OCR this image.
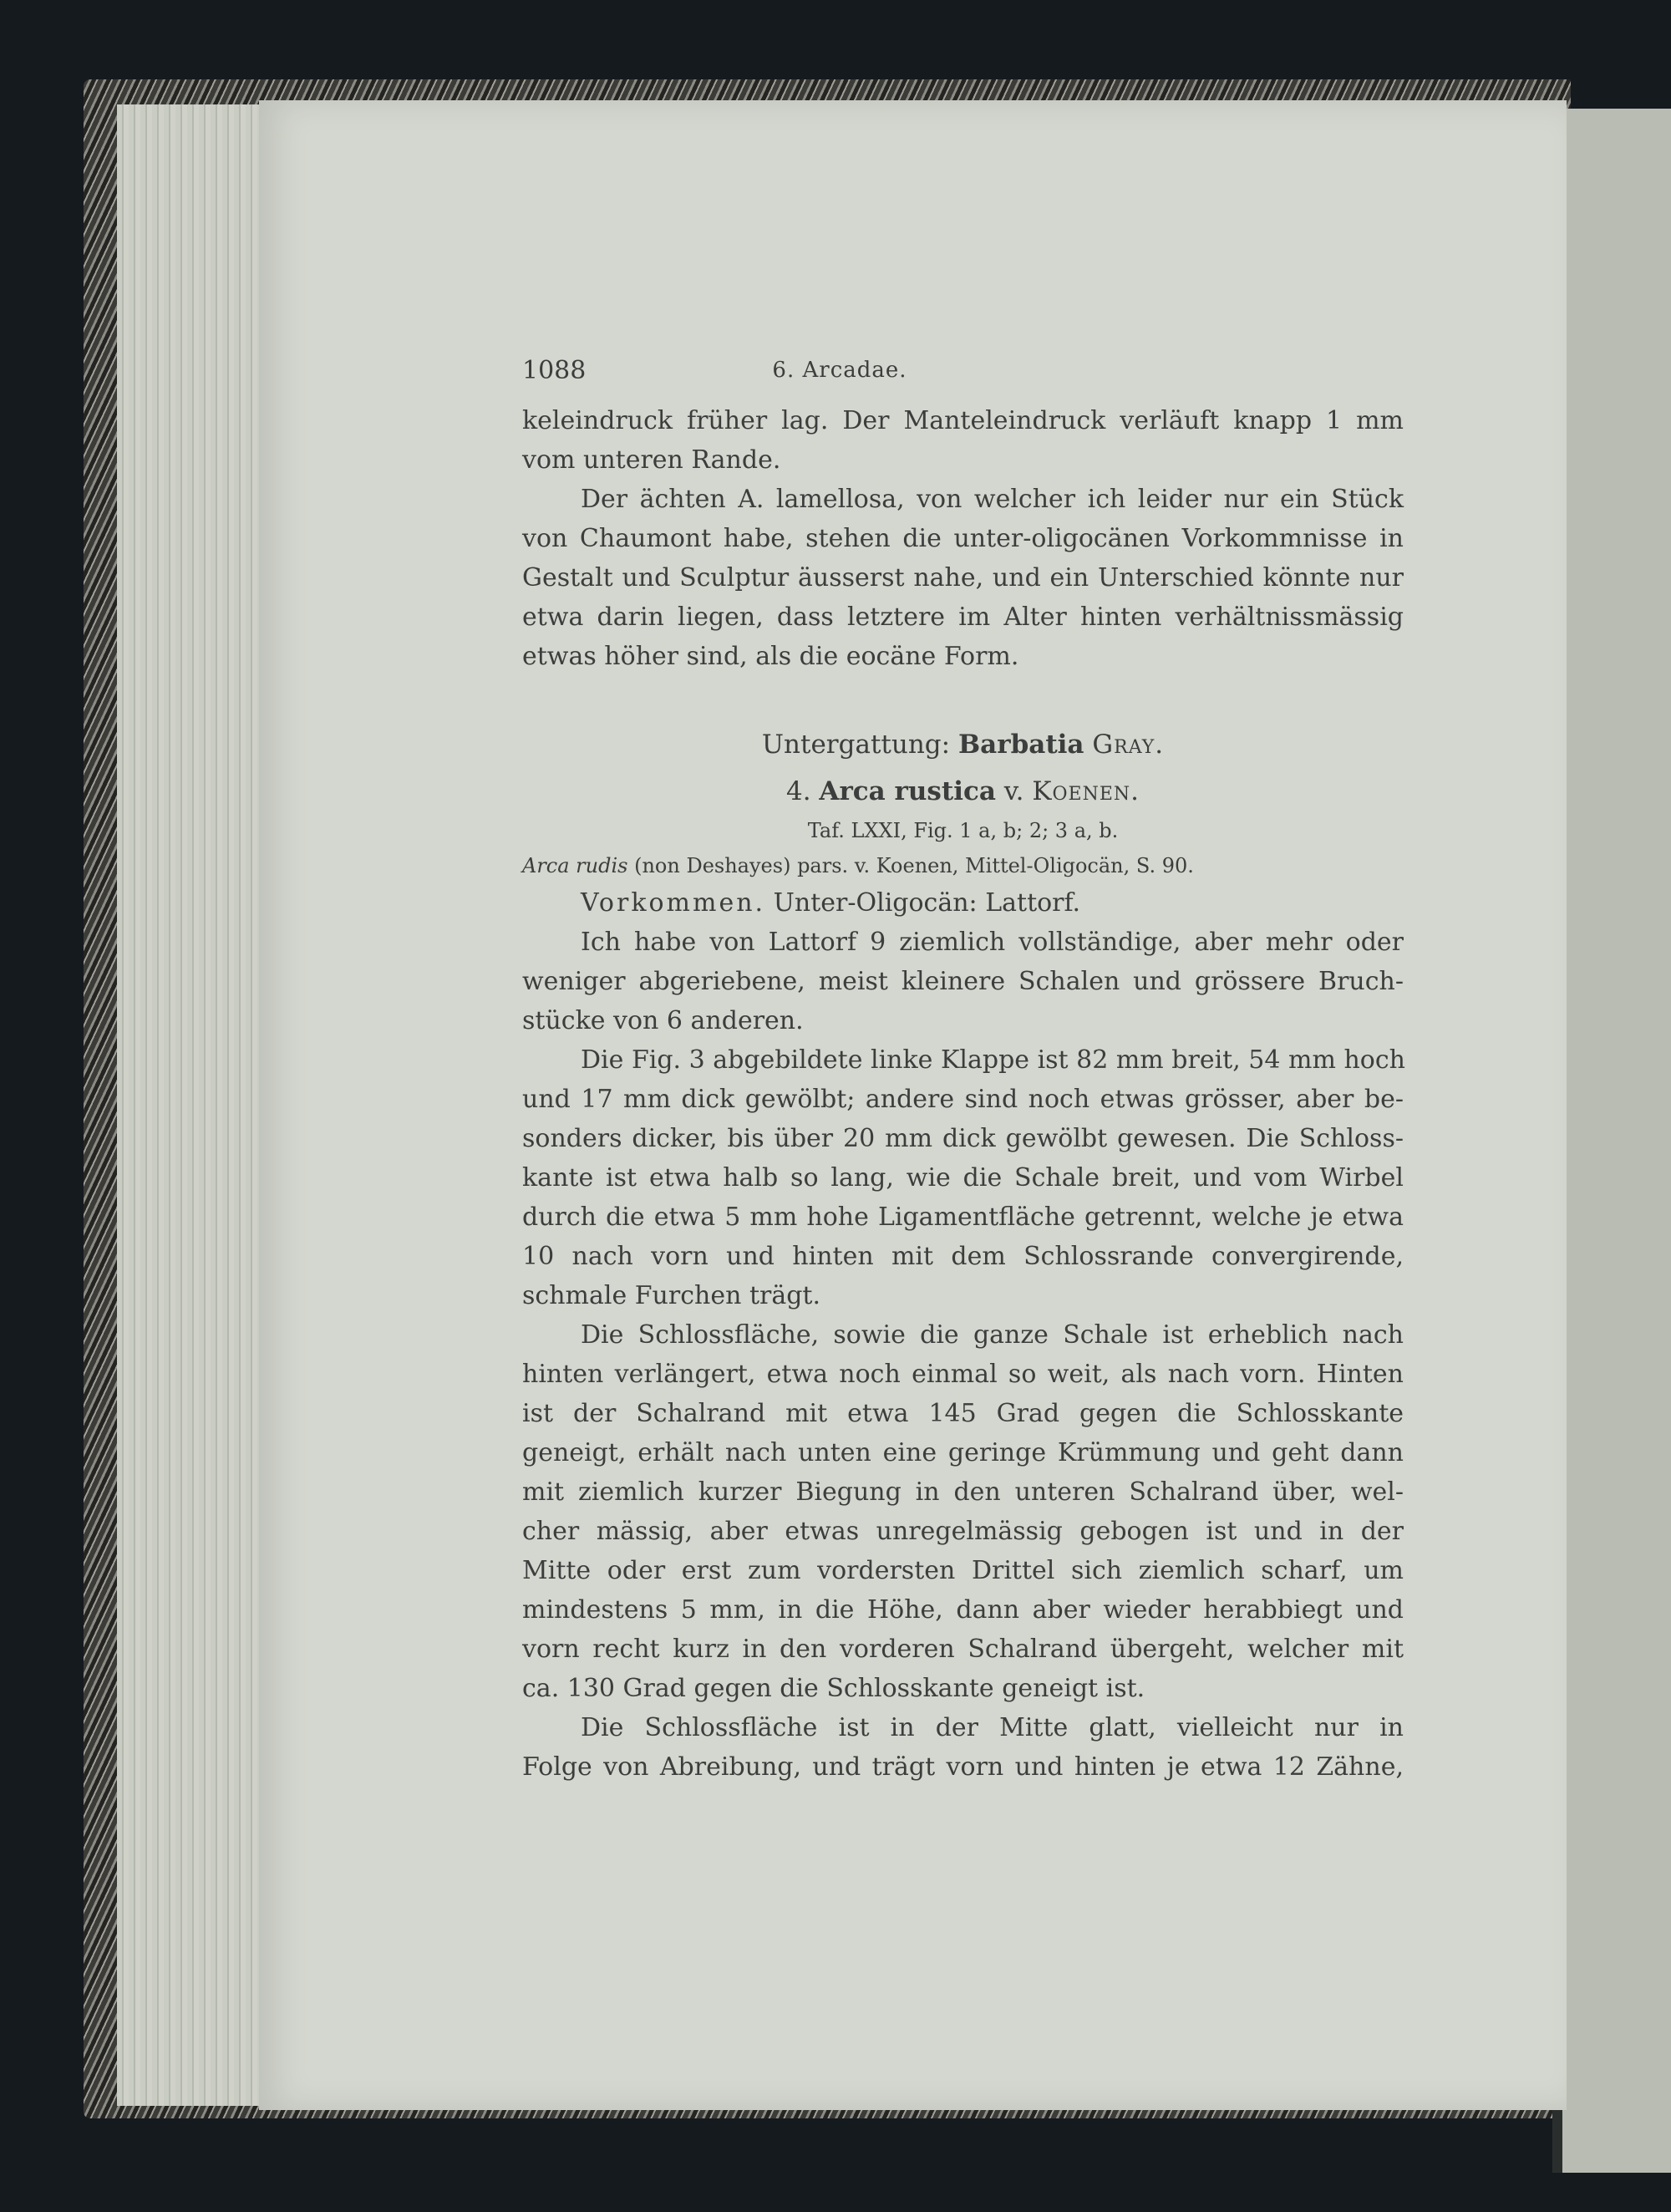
1088	6. Arcadae.
keleindruck früher lag. Der Manteleindruck verläuft knapp 1 mm
vom unteren Rande.
Der ächten A. lamellosa, von welcher ich leider nur ein Stück
von Chaumont habe, stehen die unter-oligocänen Vorkommnisse in
Gestalt und Sculptur äusserst nahe, und ein Unterschied könnte nur
etwa darin liegen, dass letztere im Alter hinten verhältnissmässig
etwas höher sind, als die eocäne Form.
Untergattung: Barbatia Gray.
4. Arca rustica v. Koenen.
Taf. LXXI, Fig. 1 a, b; 2; 3 a, b.
Arca rudis (non Deshayes) pars. v. Koenen, Mittel-Oligocän, S. 90.
Vorkommen. Unter-Oligocän: Lattorf.
Ich habe von Lattorf 9 ziemlich vollständige, aber mehr oder
weniger abgeriebene, meist kleinere Schalen und grössere Bruch-
stücke von 6 anderen.
Die Fig. 3 abgebildete linke Klappe ist 82 mm breit, 54 mm hoch
und 17 mm dick gewölbt; andere sind noch etwas grösser, aber be-
sonders dicker, bis über 20 mm dick gewölbt gewesen. Die Schloss-
kante ist etwa halb so lang, wie die Schale breit, und vom Wirbel
durch die etwa 5 mm hohe Ligamentfläche getrennt, welche je etwa
10 nach vorn und hinten mit dem Schlossrande convergirende,
schmale Furchen trägt.
Die Schlossfläche, sowie die ganze Schale ist erheblich nach
hinten verlängert, etwa noch einmal so weit, als nach vorn. Hinten
ist der Schalrand mit etwa 145 Grad gegen die Schlosskante
geneigt, erhält nach unten eine geringe Krümmung und geht dann
mit ziemlich kurzer Biegung in den unteren Schalrand über, wel-
cher mässig, aber etwas unregelmässig gebogen ist und in der
Mitte oder erst zum vordersten Drittel sich ziemlich scharf, um
mindestens 5 mm, in die Höhe, dann aber wieder herabbiegt und
vorn recht kurz in den vorderen Schalrand übergeht, welcher mit
ca. 130 Grad gegen die Schlosskante geneigt ist.
Die Schlossfläche ist in der Mitte glatt, vielleicht nur in
Folge von Abreibung, und trägt vorn und hinten je etwa 12 Zähne,
